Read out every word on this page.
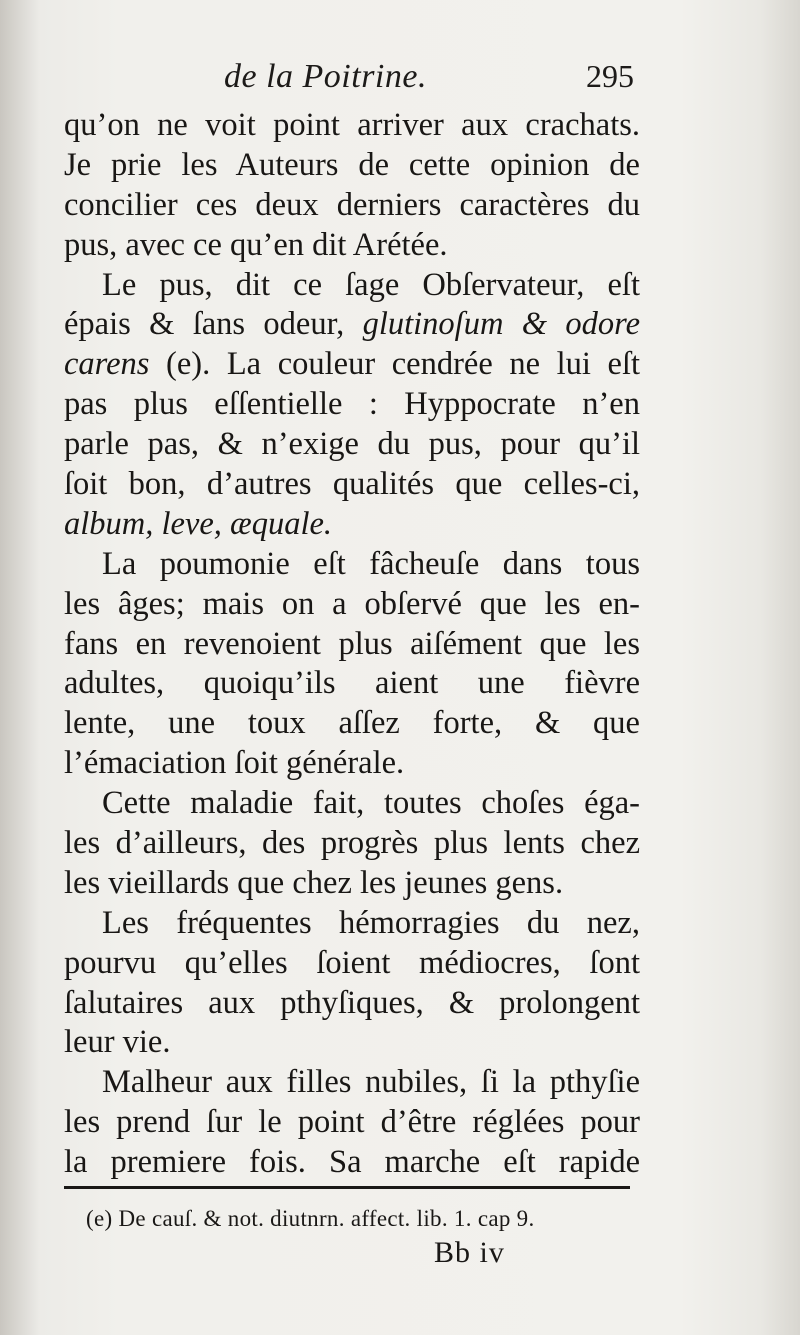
de la Poitrine.	295
qu’on ne voit point arriver aux crachats.
Je prie les Auteurs de cette opinion de
concilier ces deux derniers caractères du
pus, avec ce qu’en dit Arétée.
Le pus, dit ce ſage Obſervateur, eſt
épais & ſans odeur, glutinoſum & odore
carens (e). La couleur cendrée ne lui eſt
pas plus eſſentielle : Hyppocrate n’en
parle pas, & n’exige du pus, pour qu’il
ſoit bon, d’autres qualités que celles-ci,
album, leve, æquale.
La poumonie eſt fâcheuſe dans tous
les âges; mais on a obſervé que les en-
fans en revenoient plus aiſément que les
adultes, quoiqu’ils aient une fièvre
lente, une toux aſſez forte, & que
l’émaciation ſoit générale.
Cette maladie fait, toutes choſes éga-
les d’ailleurs, des progrès plus lents chez
les vieillards que chez les jeunes gens.
Les fréquentes hémorragies du nez,
pourvu qu’elles ſoient médiocres, ſont
ſalutaires aux pthyſiques, & prolongent
leur vie.
Malheur aux filles nubiles, ſi la pthyſie
les prend ſur le point d’être réglées pour
la premiere fois. Sa marche eſt rapide
(e) De cauſ. & not. diutnrn. affect. lib. 1. cap 9.
Bb iv
